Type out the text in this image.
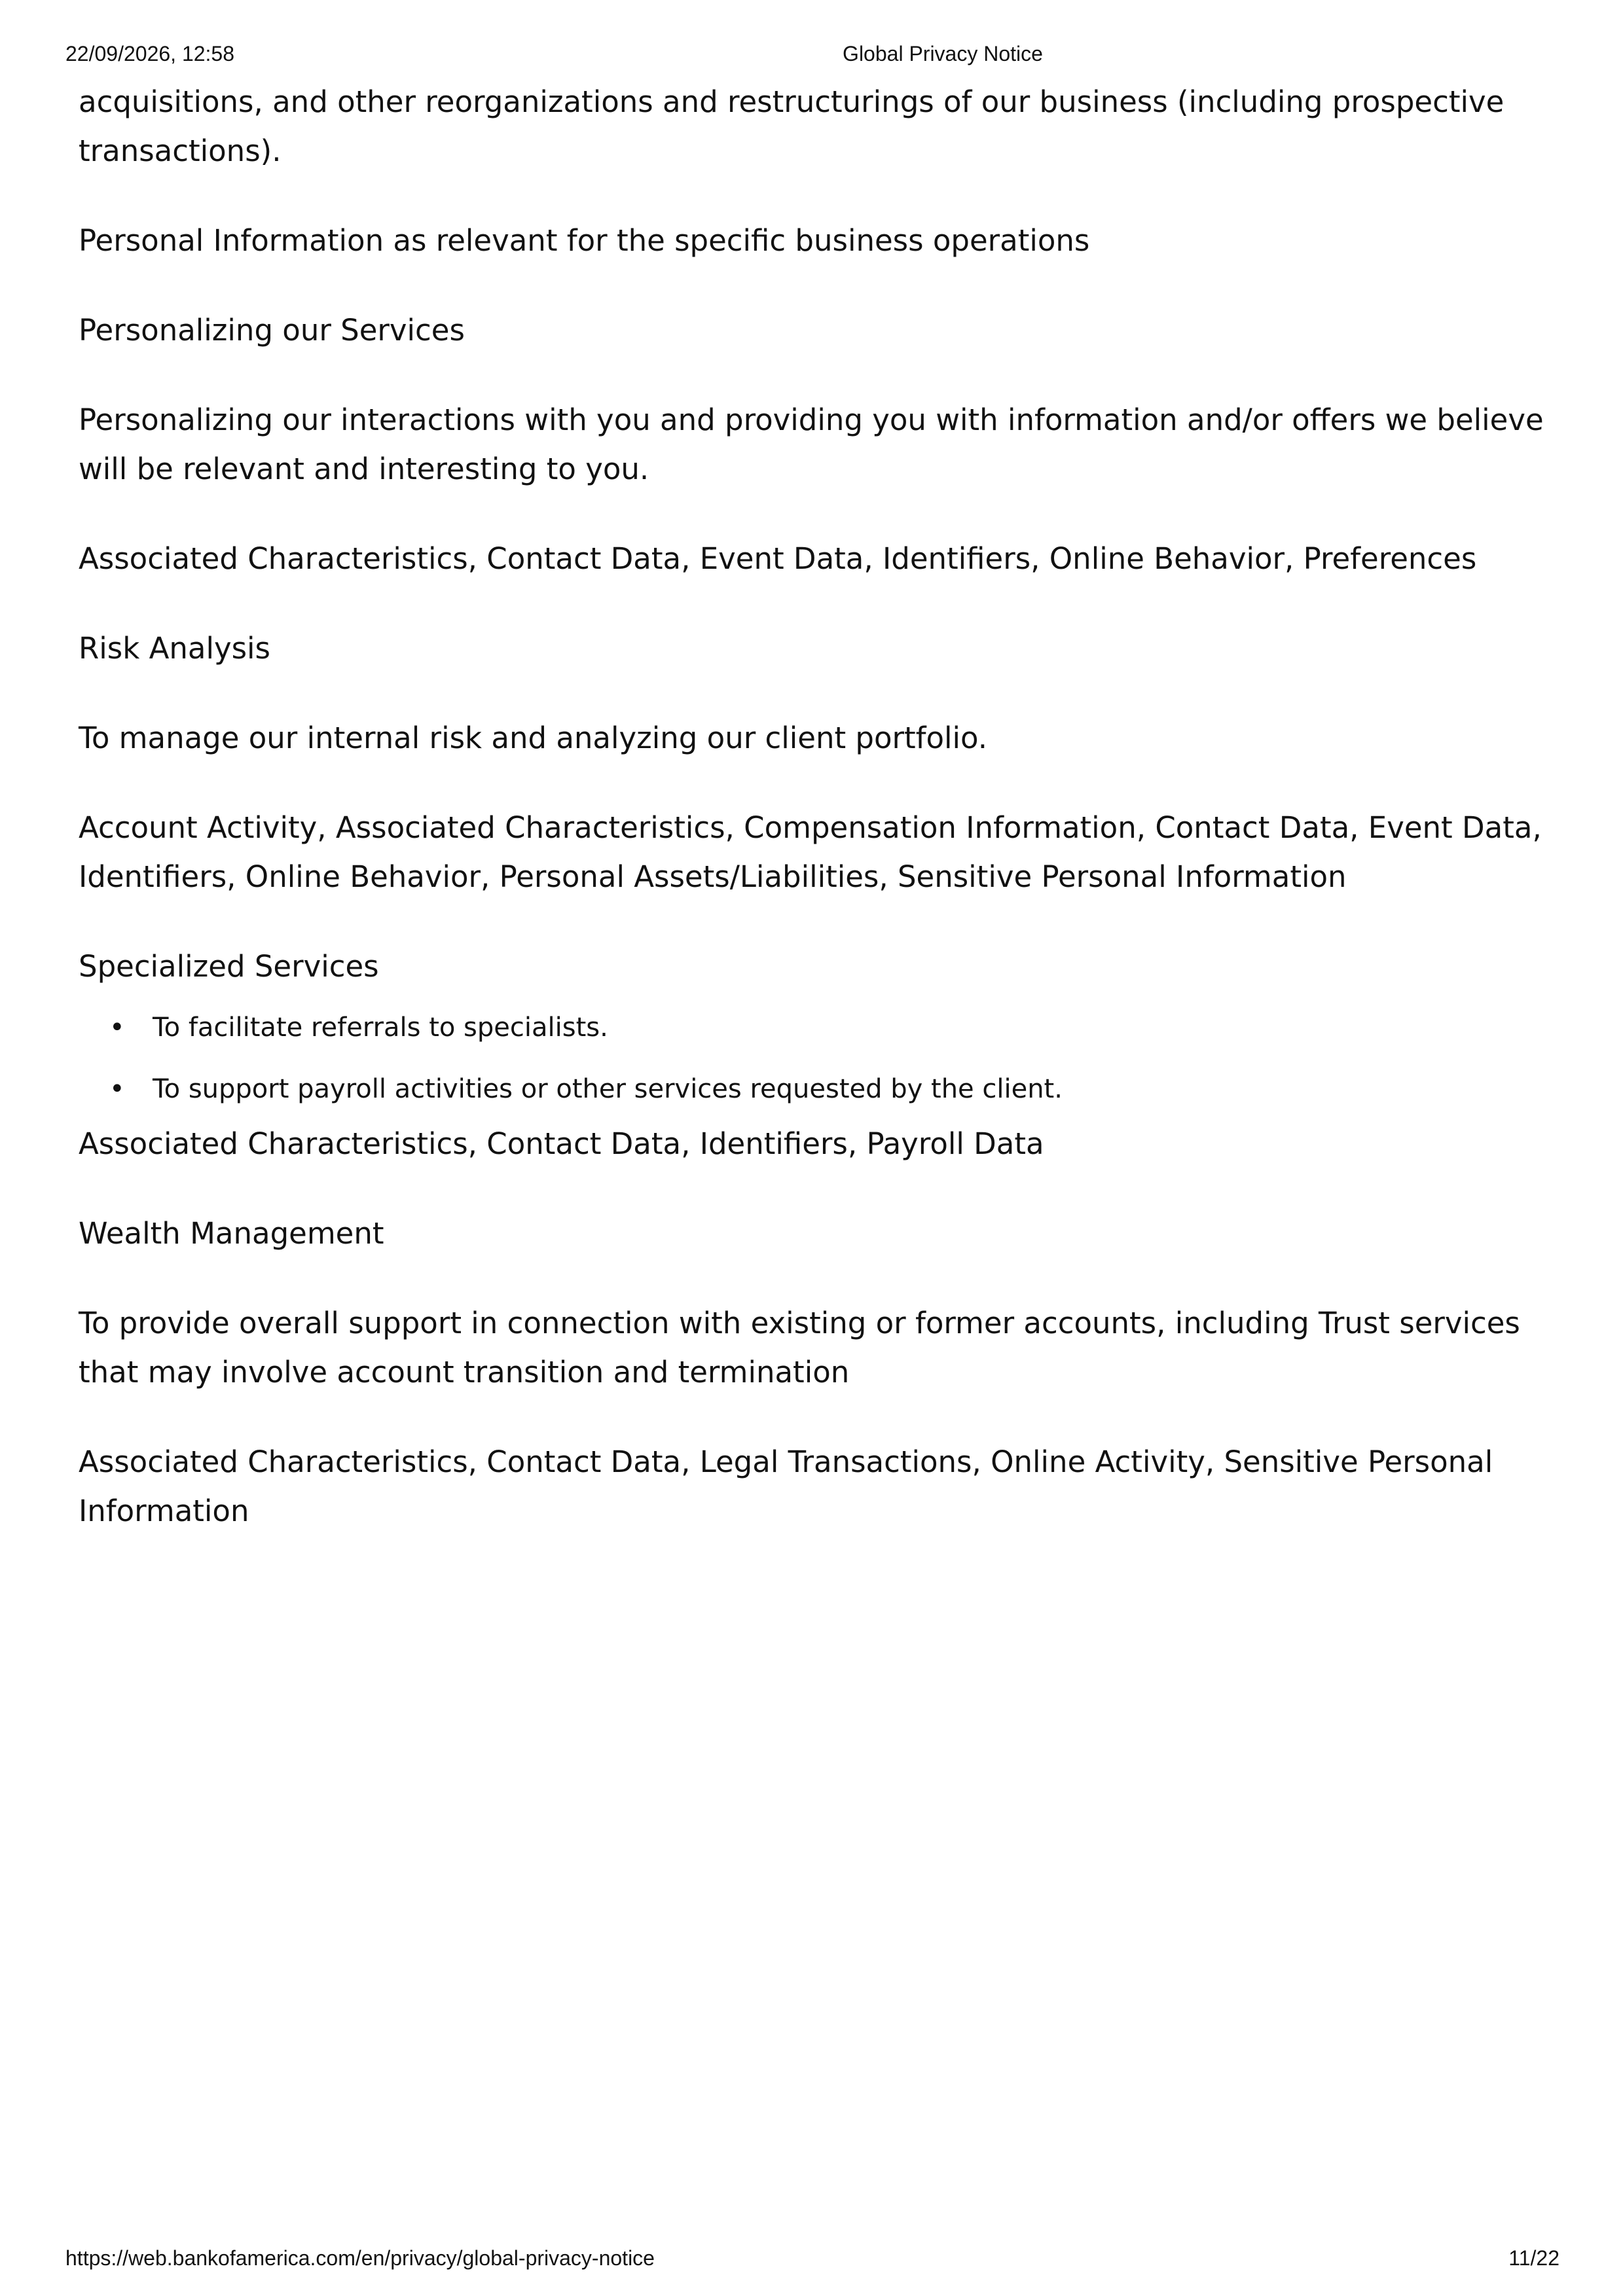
22/09/2026, 12:58	Global Privacy Notice

acquisitions, and other reorganizations and restructurings of our business (including prospective transactions).

Personal Information as relevant for the specific business operations

Personalizing our Services

Personalizing our interactions with you and providing you with information and/or offers we believe will be relevant and interesting to you.

Associated Characteristics, Contact Data, Event Data, Identifiers, Online Behavior, Preferences

Risk Analysis

To manage our internal risk and analyzing our client portfolio.

Account Activity, Associated Characteristics, Compensation Information, Contact Data, Event Data, Identifiers, Online Behavior, Personal Assets/Liabilities, Sensitive Personal Information

Specialized Services

• To facilitate referrals to specialists.
• To support payroll activities or other services requested by the client.

Associated Characteristics, Contact Data, Identifiers, Payroll Data

Wealth Management

To provide overall support in connection with existing or former accounts, including Trust services that may involve account transition and termination

Associated Characteristics, Contact Data, Legal Transactions, Online Activity, Sensitive Personal Information

https://web.bankofamerica.com/en/privacy/global-privacy-notice	11/22
